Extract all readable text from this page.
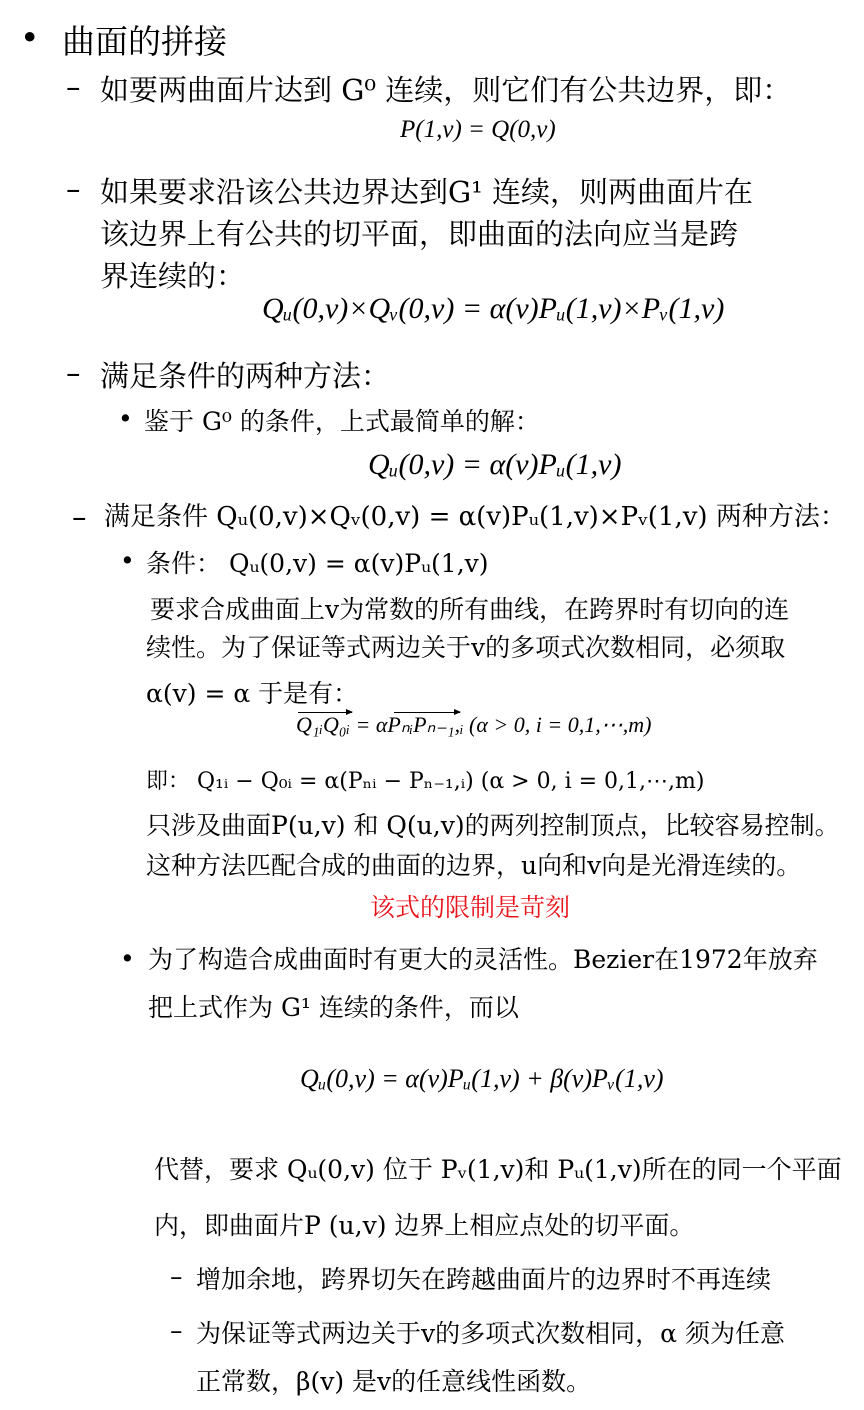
• 曲面的拼接
– 如要两曲面片达到 G⁰ 连续，则它们有公共边界，即：
P(1,v) = Q(0,v)
– 如果要求沿该公共边界达到G¹ 连续，则两曲面片在
该边界上有公共的切平面，即曲面的法向应当是跨
界连续的：
Qᵤ(0,v)×Qᵥ(0,v) = α(v)Pᵤ(1,v)×Pᵥ(1,v)
– 满足条件的两种方法：
• 鉴于 G⁰ 的条件，上式最简单的解：
Qᵤ(0,v) = α(v)Pᵤ(1,v)
– 满足条件 Qᵤ(0,v)×Qᵥ(0,v) = α(v)Pᵤ(1,v)×Pᵥ(1,v) 两种方法：
• 条件： Qᵤ(0,v) = α(v)Pᵤ(1,v)
要求合成曲面上v为常数的所有曲线，在跨界时有切向的连
续性。为了保证等式两边关于v的多项式次数相同，必须取
α(v) = α 于是有：
Q₁ᵢQ₀ᵢ = αPₙᵢPₙ₋₁,ᵢ (α > 0, i = 0,1,⋯,m)
即： Q₁ᵢ − Q₀ᵢ = α(Pₙᵢ − Pₙ₋₁,ᵢ) (α > 0, i = 0,1,⋯,m)
只涉及曲面P(u,v) 和 Q(u,v)的两列控制顶点，比较容易控制。
这种方法匹配合成的曲面的边界，u向和v向是光滑连续的。
该式的限制是苛刻
• 为了构造合成曲面时有更大的灵活性。Bezier在1972年放弃
把上式作为 G¹ 连续的条件，而以
Qᵤ(0,v) = α(v)Pᵤ(1,v) + β(v)Pᵥ(1,v)
代替，要求 Qᵤ(0,v) 位于 Pᵥ(1,v)和 Pᵤ(1,v)所在的同一个平面
内，即曲面片P (u,v) 边界上相应点处的切平面。
– 增加余地，跨界切矢在跨越曲面片的边界时不再连续
– 为保证等式两边关于v的多项式次数相同，α 须为任意
正常数，β(v) 是v的任意线性函数。
